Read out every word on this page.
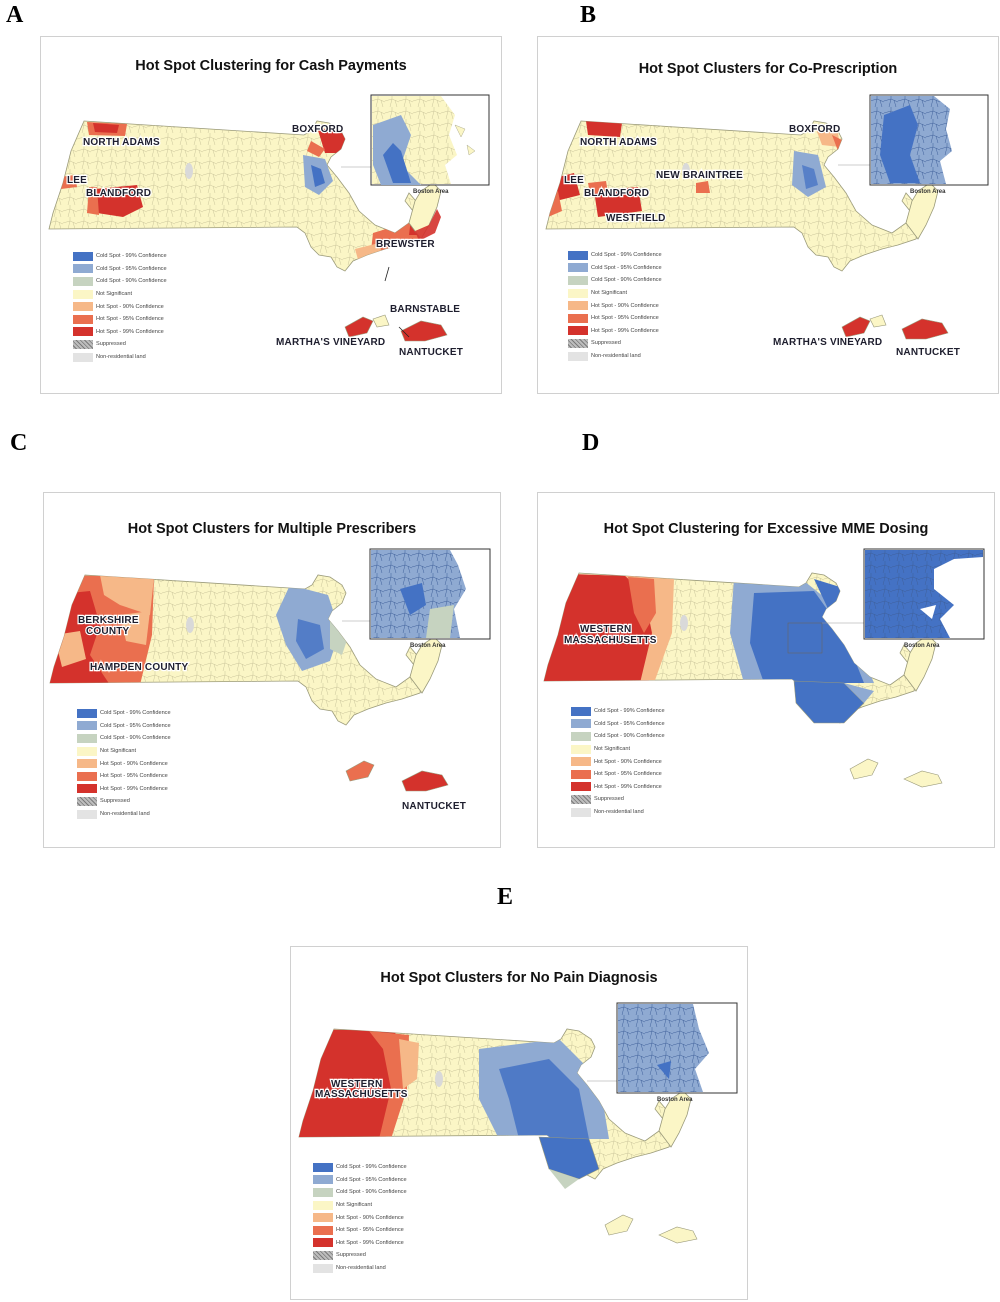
A
Hot Spot Clustering for Cash Payments
Boston Area
NORTH ADAMS
BOXFORD
LEE
BLANDFORD
BREWSTER
BARNSTABLE
MARTHA'S VINEYARD
NANTUCKET
Cold Spot - 99% Confidence
Cold Spot - 95% Confidence
Cold Spot - 90% Confidence
Not Significant
Hot Spot - 90% Confidence
Hot Spot - 95% Confidence
Hot Spot - 99% Confidence
Suppressed
Non-residential land
B
Hot Spot Clusters for Co-Prescription
Boston Area
NORTH ADAMS
BOXFORD
NEW BRAINTREE
LEE
BLANDFORD
WESTFIELD
MARTHA'S VINEYARD
NANTUCKET
Cold Spot - 99% Confidence
Cold Spot - 95% Confidence
Cold Spot - 90% Confidence
Not Significant
Hot Spot - 90% Confidence
Hot Spot - 95% Confidence
Hot Spot - 99% Confidence
Suppressed
Non-residential land
C
Hot Spot Clusters for Multiple Prescribers
Boston Area
BERKSHIRE
COUNTY
HAMPDEN COUNTY
NANTUCKET
Cold Spot - 99% Confidence
Cold Spot - 95% Confidence
Cold Spot - 90% Confidence
Not Significant
Hot Spot - 90% Confidence
Hot Spot - 95% Confidence
Hot Spot - 99% Confidence
Suppressed
Non-residential land
D
Hot Spot Clustering for Excessive MME Dosing
Boston Area
WESTERN
MASSACHUSETTS
Cold Spot - 99% Confidence
Cold Spot - 95% Confidence
Cold Spot - 90% Confidence
Not Significant
Hot Spot - 90% Confidence
Hot Spot - 95% Confidence
Hot Spot - 99% Confidence
Suppressed
Non-residential land
E
Hot Spot Clusters for No Pain Diagnosis
Boston Area
WESTERN
MASSACHUSETTS
Cold Spot - 99% Confidence
Cold Spot - 95% Confidence
Cold Spot - 90% Confidence
Not Significant
Hot Spot - 90% Confidence
Hot Spot - 95% Confidence
Hot Spot - 99% Confidence
Suppressed
Non-residential land
